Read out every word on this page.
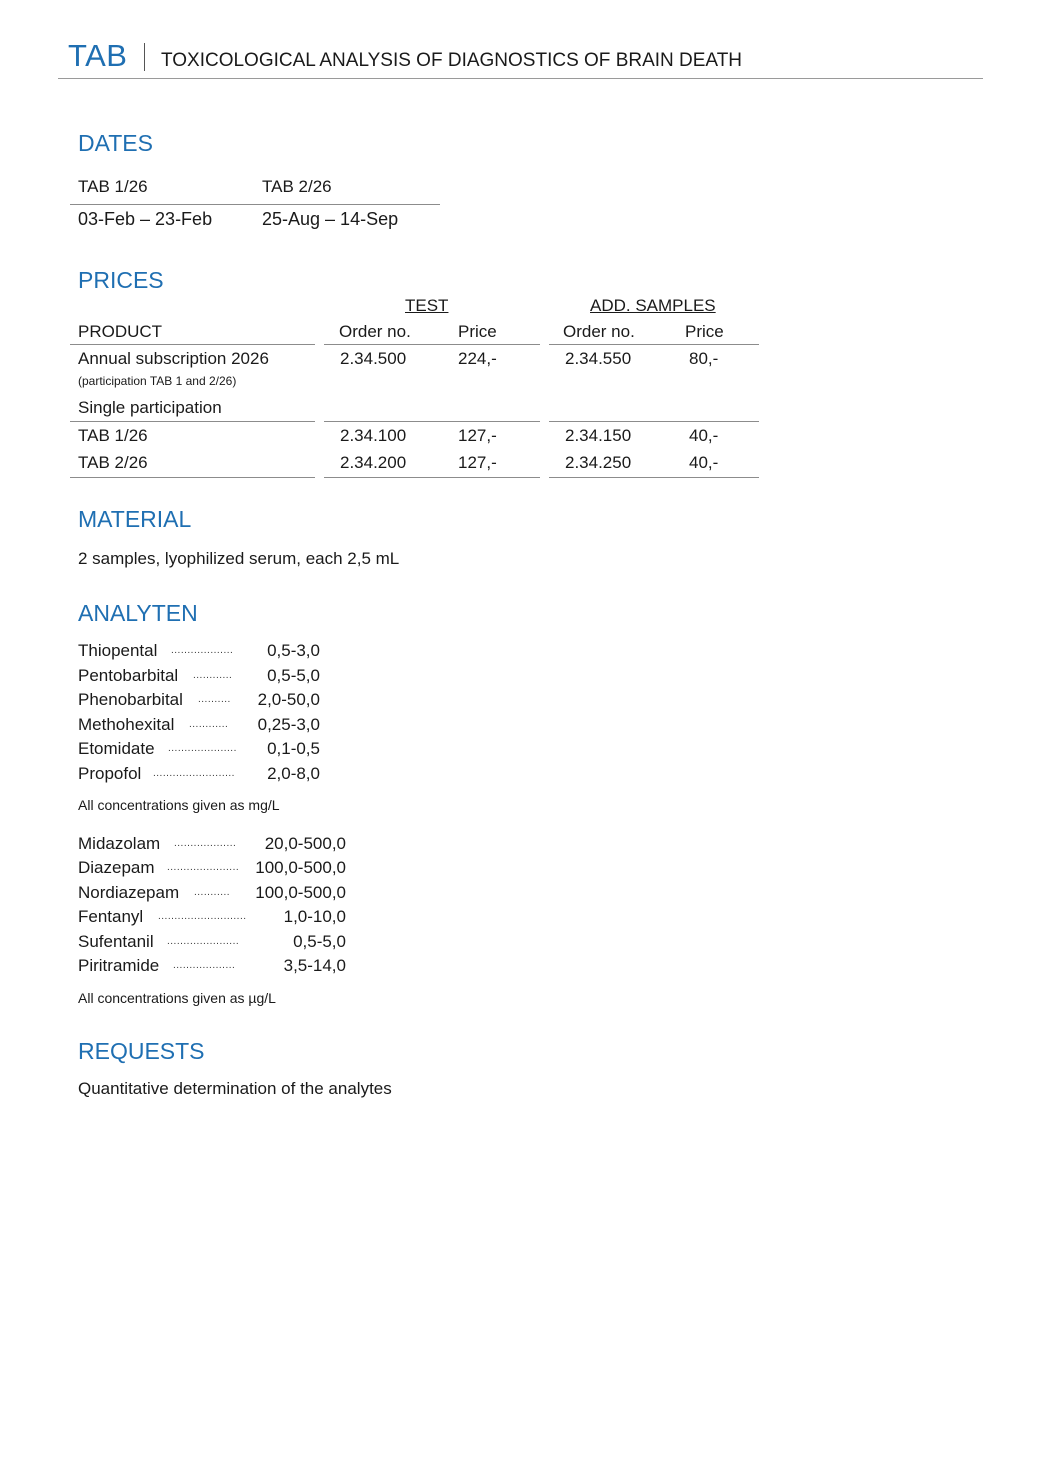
TAB TOXICOLOGICAL ANALYSIS OF DIAGNOSTICS OF BRAIN DEATH
DATES
TAB 1/26	TAB 2/26
03-Feb – 23-Feb	25-Aug – 14-Sep
PRICES
TEST	ADD. SAMPLES
PRODUCT	Order no.	Price	Order no.	Price
Annual subscription 2026
(participation TAB 1 and 2/26)
2.34.500	224,-	2.34.550	80,-
Single participation
TAB 1/26	2.34.100	127,-	2.34.150	40,-
TAB 2/26	2.34.200	127,-	2.34.250	40,-
MATERIAL
2 samples, lyophilized serum, each 2,5 mL
ANALYTEN
Thiopental ................... 0,5-3,0
Pentobarbital ............ 0,5-5,0
Phenobarbital .......... 2,0-50,0
Methohexital ............ 0,25-3,0
Etomidate ..................... 0,1-0,5
Propofol ......................... 2,0-8,0
All concentrations given as mg/L
Midazolam ................... 20,0-500,0
Diazepam ...................... 100,0-500,0
Nordiazepam ........... 100,0-500,0
Fentanyl ........................... 1,0-10,0
Sufentanil ......................	0,5-5,0
Piritramide ...................	3,5-14,0
All concentrations given as µg/L
REQUESTS
Quantitative determination of the analytes
